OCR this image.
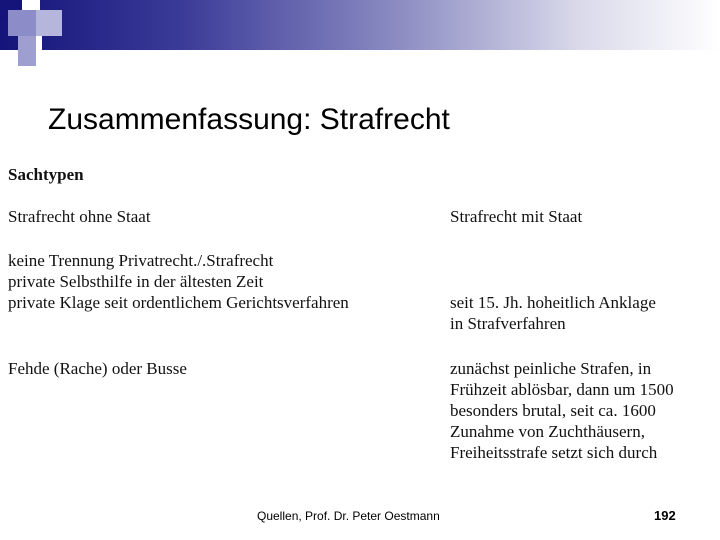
Zusammenfassung: Strafrecht
Sachtypen
Strafrecht ohne Staat	Strafrecht mit Staat
keine Trennung Privatrecht./.Strafrecht
private Selbsthilfe in der ältesten Zeit
private Klage seit ordentlichem Gerichtsverfahren	seit 15. Jh. hoheitlich Anklage
in Strafverfahren
Fehde (Rache) oder Busse	zunächst peinliche Strafen, in
Frühzeit ablösbar, dann um 1500
besonders brutal, seit ca. 1600
Zunahme von Zuchthäusern,
Freiheitsstrafe setzt sich durch
Quellen, Prof. Dr. Peter Oestmann	192
